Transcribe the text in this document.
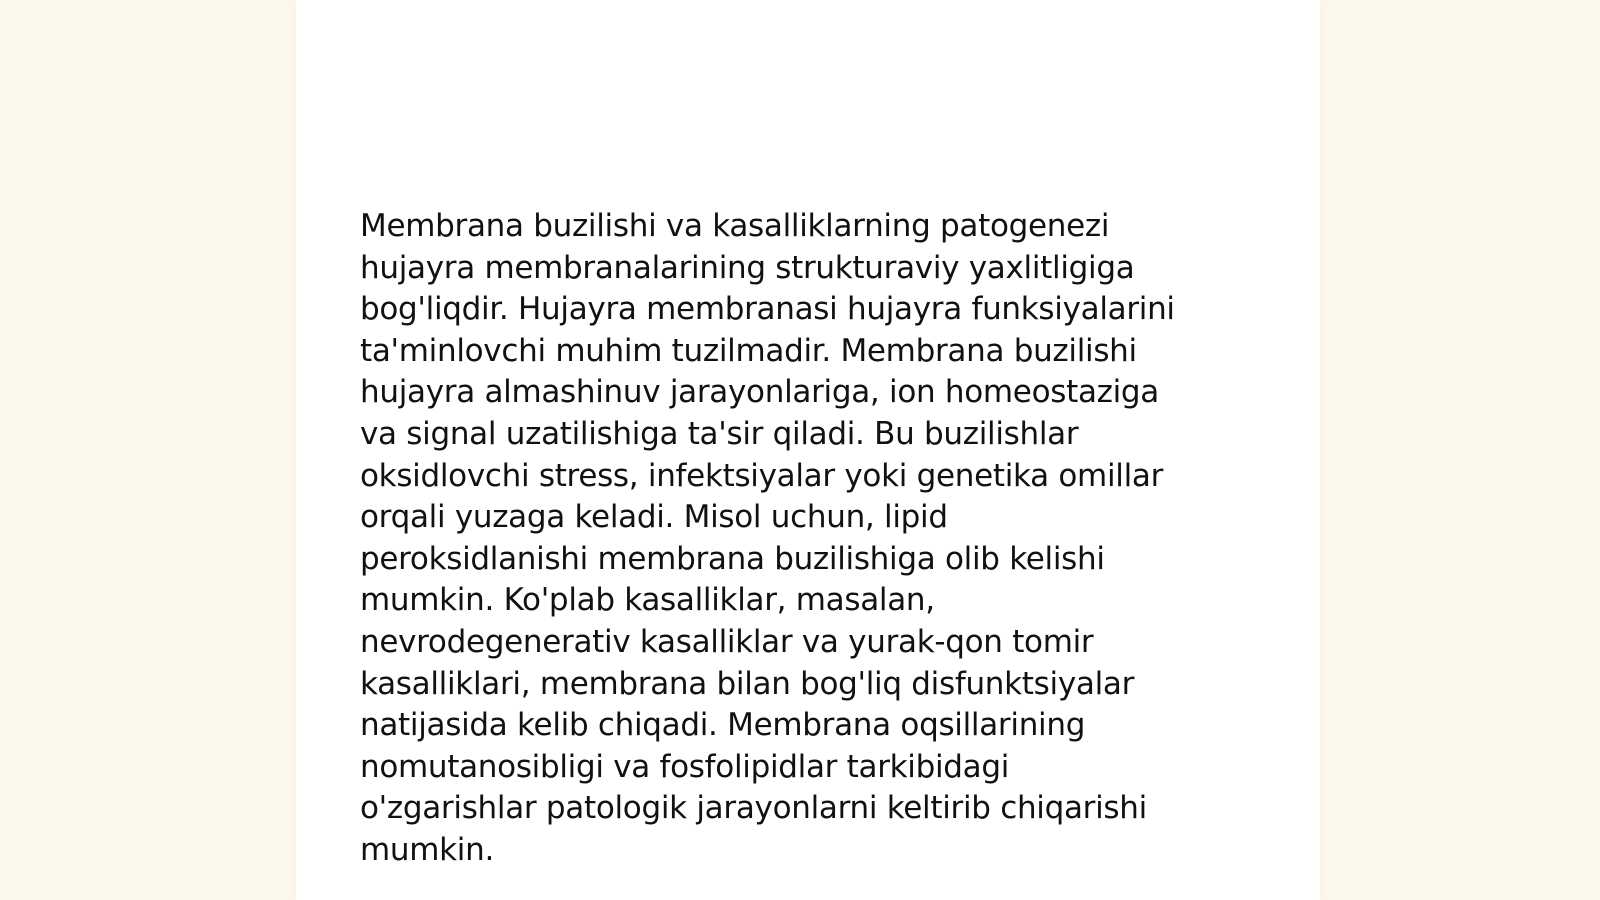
Membrana buzilishi va kasalliklarning patogenezi
hujayra membranalarining strukturaviy yaxlitligiga
bog'liqdir. Hujayra membranasi hujayra funksiyalarini
ta'minlovchi muhim tuzilmadir. Membrana buzilishi
hujayra almashinuv jarayonlariga, ion homeostaziga
va signal uzatilishiga ta'sir qiladi. Bu buzilishlar
oksidlovchi stress, infektsiyalar yoki genetika omillar
orqali yuzaga keladi. Misol uchun, lipid
peroksidlanishi membrana buzilishiga olib kelishi
mumkin. Ko'plab kasalliklar, masalan,
nevrodegenerativ kasalliklar va yurak-qon tomir
kasalliklari, membrana bilan bog'liq disfunktsiyalar
natijasida kelib chiqadi. Membrana oqsillarining
nomutanosibligi va fosfolipidlar tarkibidagi
o'zgarishlar patologik jarayonlarni keltirib chiqarishi
mumkin.
